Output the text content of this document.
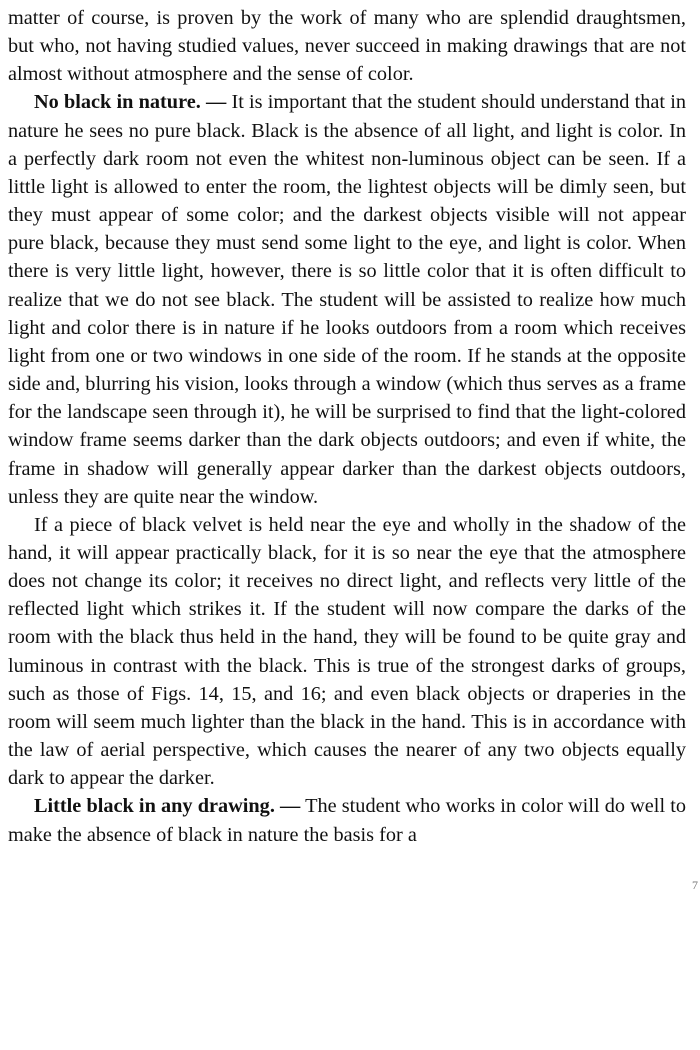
matter of course, is proven by the work of many who are splendid draughtsmen, but who, not having studied values, never succeed in making drawings that are not almost without atmosphere and the sense of color.

No black in nature. — It is important that the student should understand that in nature he sees no pure black. Black is the absence of all light, and light is color. In a perfectly dark room not even the whitest non-luminous object can be seen. If a little light is allowed to enter the room, the lightest objects will be dimly seen, but they must appear of some color; and the darkest objects visible will not appear pure black, because they must send some light to the eye, and light is color. When there is very little light, however, there is so little color that it is often difficult to realize that we do not see black. The student will be assisted to realize how much light and color there is in nature if he looks outdoors from a room which receives light from one or two windows in one side of the room. If he stands at the opposite side and, blurring his vision, looks through a window (which thus serves as a frame for the landscape seen through it), he will be surprised to find that the light-colored window frame seems darker than the dark objects outdoors; and even if white, the frame in shadow will generally appear darker than the darkest objects outdoors, unless they are quite near the window.

If a piece of black velvet is held near the eye and wholly in the shadow of the hand, it will appear practically black, for it is so near the eye that the atmosphere does not change its color; it receives no direct light, and reflects very little of the reflected light which strikes it. If the student will now compare the darks of the room with the black thus held in the hand, they will be found to be quite gray and luminous in contrast with the black. This is true of the strongest darks of groups, such as those of Figs. 14, 15, and 16; and even black objects or draperies in the room will seem much lighter than the black in the hand. This is in accordance with the law of aerial perspective, which causes the nearer of any two objects equally dark to appear the darker.

Little black in any drawing. — The student who works in color will do well to make the absence of black in nature the basis for a

7
